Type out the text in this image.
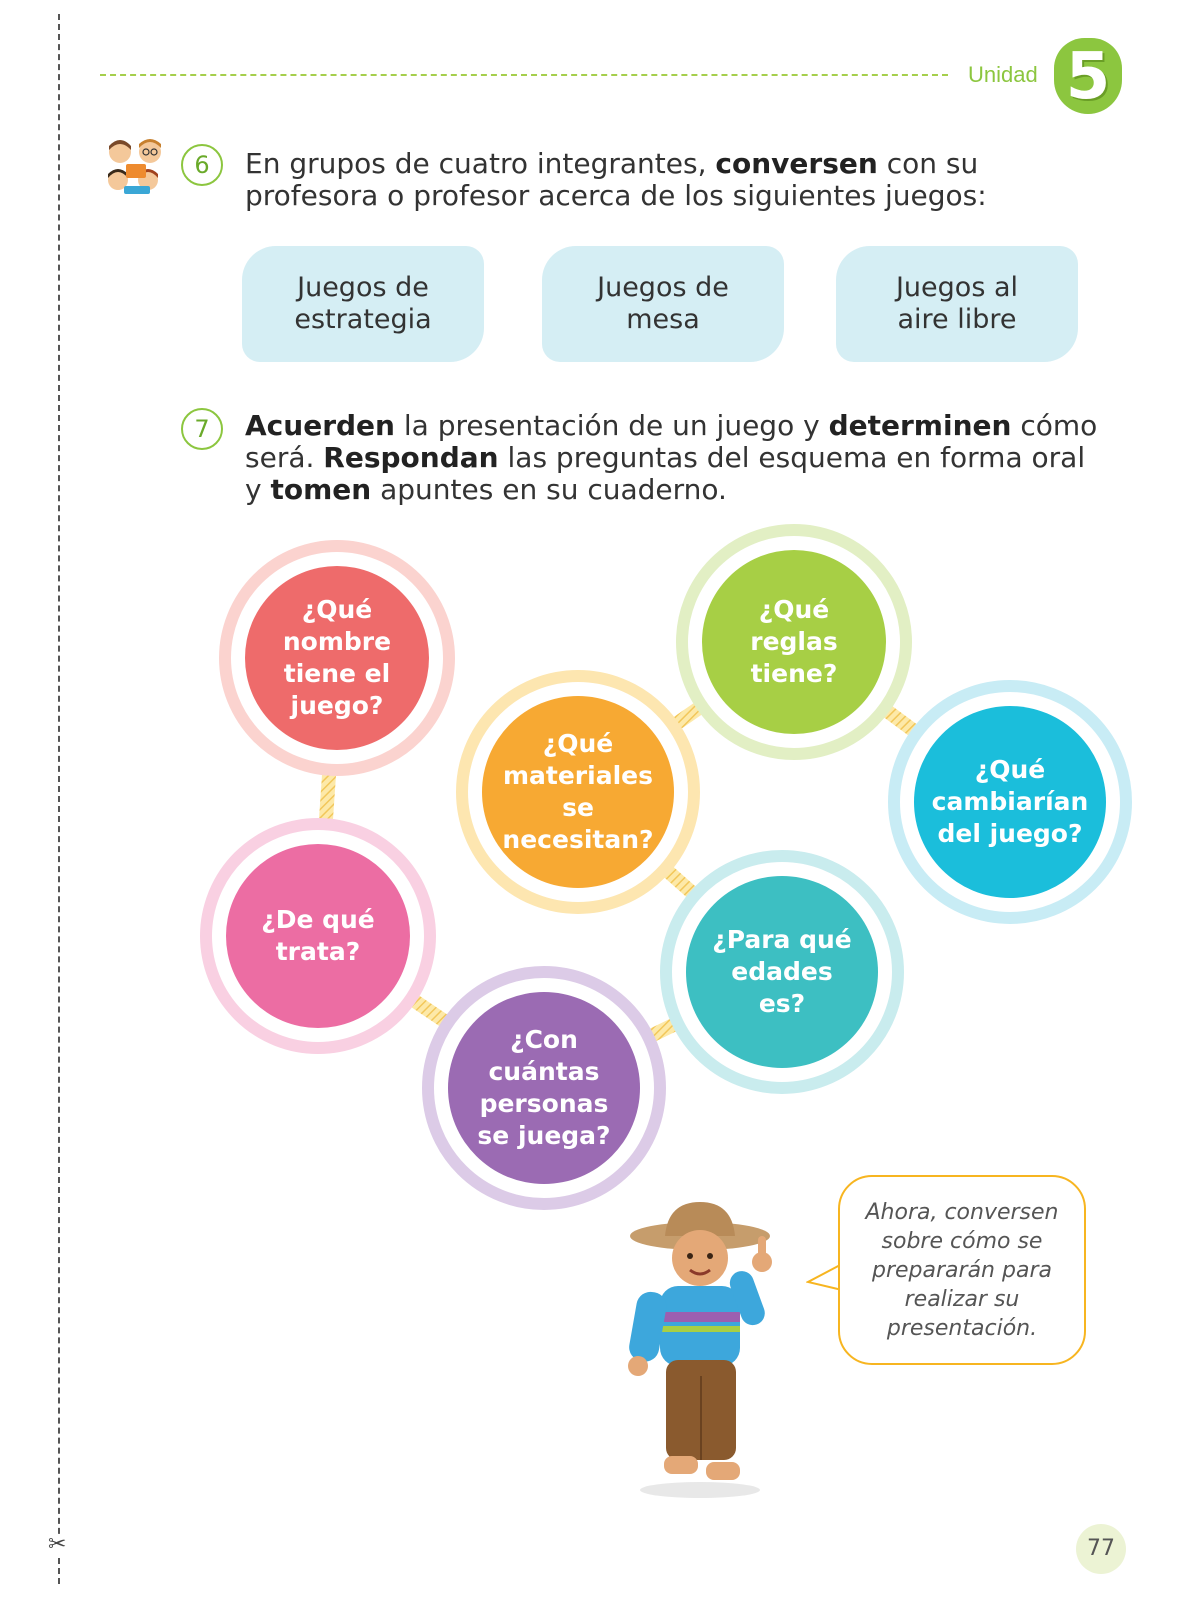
✂
Unidad 5
6	En grupos de cuatro integrantes, conversen con su profesora o profesor acerca de los siguientes juegos:
Juegos de estrategia
Juegos de mesa
Juegos al aire libre
7	Acuerden la presentación de un juego y determinen cómo será. Respondan las preguntas del esquema en forma oral y tomen apuntes en su cuaderno.
¿Qué nombre tiene el juego?
¿De qué trata?
¿Con cuántas personas se juega?
¿Para qué edades es?
¿Qué materiales se necesitan?
¿Qué reglas tiene?
¿Qué cambiarían del juego?
Ahora, conversen sobre cómo se prepararán para realizar su presentación.
77
